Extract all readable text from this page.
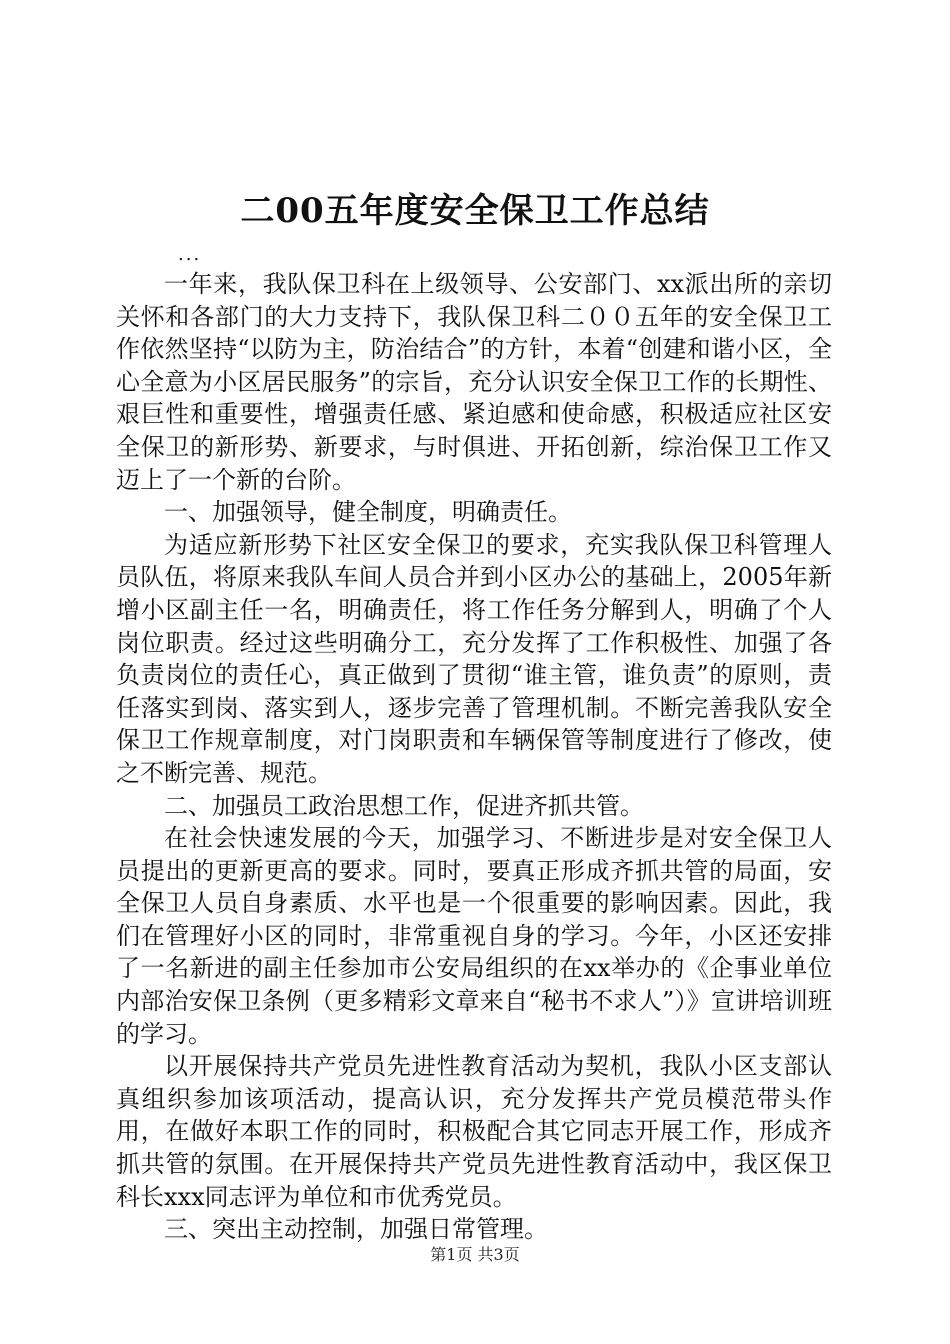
二00五年度安全保卫工作总结
...

一年来，我队保卫科在上级领导、公安部门、xx派出所的亲切关怀和各部门的大力支持下，我队保卫科二００五年的安全保卫工作依然坚持“以防为主，防治结合”的方针，本着“创建和谐小区，全心全意为小区居民服务”的宗旨，充分认识安全保卫工作的长期性、艰巨性和重要性，增强责任感、紧迫感和使命感，积极适应社区安全保卫的新形势、新要求，与时俱进、开拓创新，综治保卫工作又迈上了一个新的台阶。

一、加强领导，健全制度，明确责任。

为适应新形势下社区安全保卫的要求，充实我队保卫科管理人员队伍，将原来我队车间人员合并到小区办公的基础上，2005年新增小区副主任一名，明确责任，将工作任务分解到人，明确了个人岗位职责。经过这些明确分工，充分发挥了工作积极性、加强了各负责岗位的责任心，真正做到了贯彻“谁主管，谁负责”的原则，责任落实到岗、落实到人，逐步完善了管理机制。不断完善我队安全保卫工作规章制度，对门岗职责和车辆保管等制度进行了修改，使之不断完善、规范。

二、加强员工政治思想工作，促进齐抓共管。

在社会快速发展的今天，加强学习、不断进步是对安全保卫人员提出的更新更高的要求。同时，要真正形成齐抓共管的局面，安全保卫人员自身素质、水平也是一个很重要的影响因素。因此，我们在管理好小区的同时，非常重视自身的学习。今年，小区还安排了一名新进的副主任参加市公安局组织的在xx举办的《企事业单位内部治安保卫条例（更多精彩文章来自“秘书不求人”）》宣讲培训班的学习。

以开展保持共产党员先进性教育活动为契机，我队小区支部认真组织参加该项活动，提高认识，充分发挥共产党员模范带头作用，在做好本职工作的同时，积极配合其它同志开展工作，形成齐抓共管的氛围。在开展保持共产党员先进性教育活动中，我区保卫科长xxx同志评为单位和市优秀党员。

三、突出主动控制，加强日常管理。

第1页 共3页
